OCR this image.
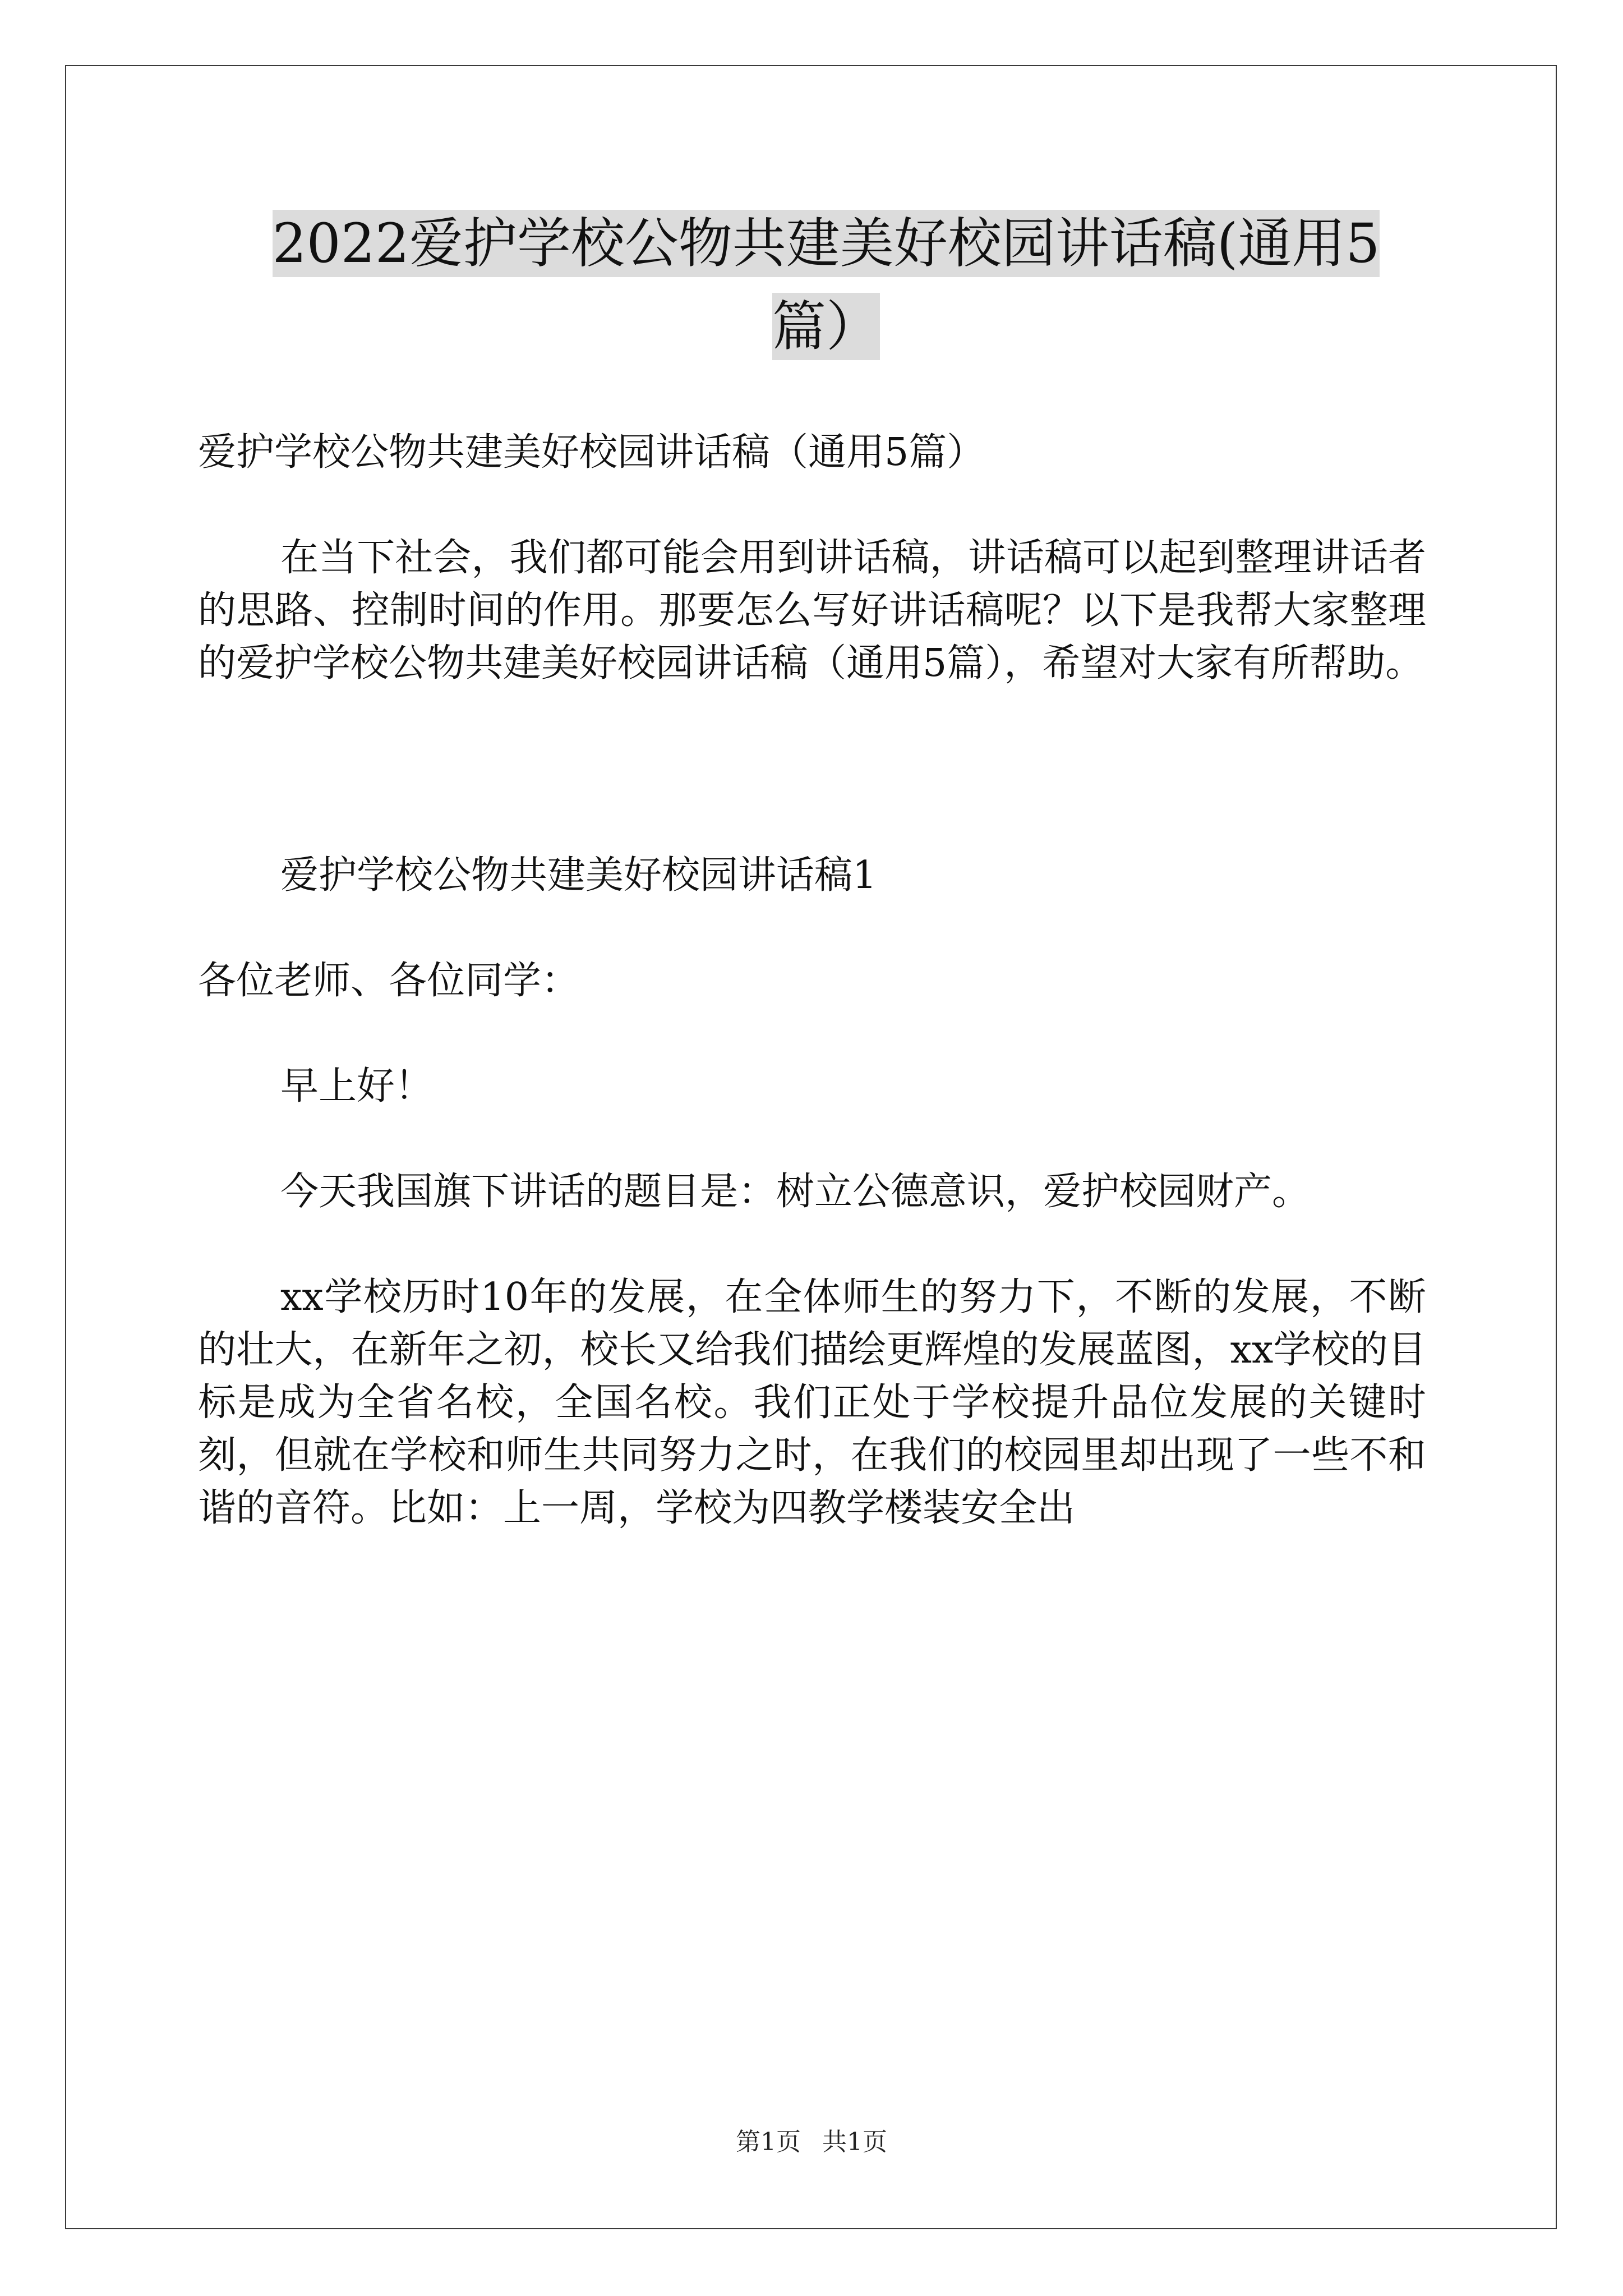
2022爱护学校公物共建美好校园讲话稿(通用5
篇）

爱护学校公物共建美好校园讲话稿（通用5篇）

在当下社会，我们都可能会用到讲话稿，讲话稿可以起到整理讲话者的思路、控制时间的作用。那要怎么写好讲话稿呢？以下是我帮大家整理的爱护学校公物共建美好校园讲话稿（通用5篇），希望对大家有所帮助。

爱护学校公物共建美好校园讲话稿1

各位老师、各位同学：

早上好！

今天我国旗下讲话的题目是：树立公德意识，爱护校园财产。

xx学校历时10年的发展，在全体师生的努力下，不断的发展，不断的壮大，在新年之初，校长又给我们描绘更辉煌的发展蓝图，xx学校的目标是成为全省名校，全国名校。我们正处于学校提升品位发展的关键时刻，但就在学校和师生共同努力之时，在我们的校园里却出现了一些不和谐的音符。比如：上一周，学校为四教学楼装安全出

第1页 共1页
